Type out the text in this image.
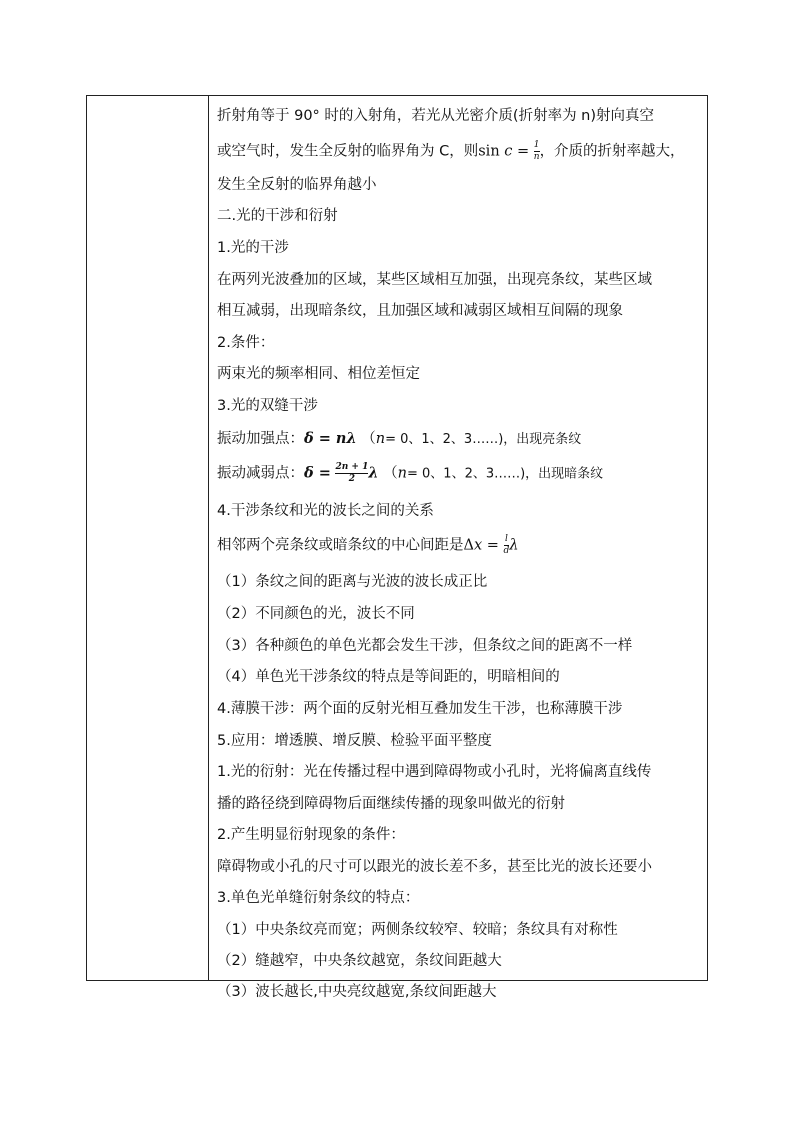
折射角等于 90° 时的入射角，若光从光密介质(折射率为 n)射向真空
或空气时，发生全反射的临界角为 C，则$\sin c = \frac{1}{n}$ ，介质的折射率越大，
发生全反射的临界角越小
二.光的干涉和衍射
1.光的干涉
在两列光波叠加的区域，某些区域相互加强，出现亮条纹，某些区域
相互减弱，出现暗条纹，且加强区域和减弱区域相互间隔的现象
2.条件：
两束光的频率相同、相位差恒定
3.光的双缝干涉
振动加强点：δ = nλ （n= 0、1、2、3……)，出现亮条纹
振动减弱点：$\delta = \frac{2n + 1}{2}$ λ （n= 0、1、2、3……)，出现暗条纹
4.干涉条纹和光的波长之间的关系
相邻两个亮条纹或暗条纹的中心间距是$\Delta x = \frac{l}{d}$ λ
（1）条纹之间的距离与光波的波长成正比
（2）不同颜色的光，波长不同
（3）各种颜色的单色光都会发生干涉，但条纹之间的距离不一样
（4）单色光干涉条纹的特点是等间距的，明暗相间的
4.薄膜干涉：两个面的反射光相互叠加发生干涉，也称薄膜干涉
5.应用：增透膜、增反膜、检验平面平整度
1.光的衍射：光在传播过程中遇到障碍物或小孔时，光将偏离直线传
播的路径绕到障碍物后面继续传播的现象叫做光的衍射
2.产生明显衍射现象的条件：
障碍物或小孔的尺寸可以跟光的波长差不多，甚至比光的波长还要小
3.单色光单缝衍射条纹的特点：
（1）中央条纹亮而宽；两侧条纹较窄、较暗；条纹具有对称性
（2）缝越窄，中央条纹越宽，条纹间距越大
（3）波长越长,中央亮纹越宽,条纹间距越大
